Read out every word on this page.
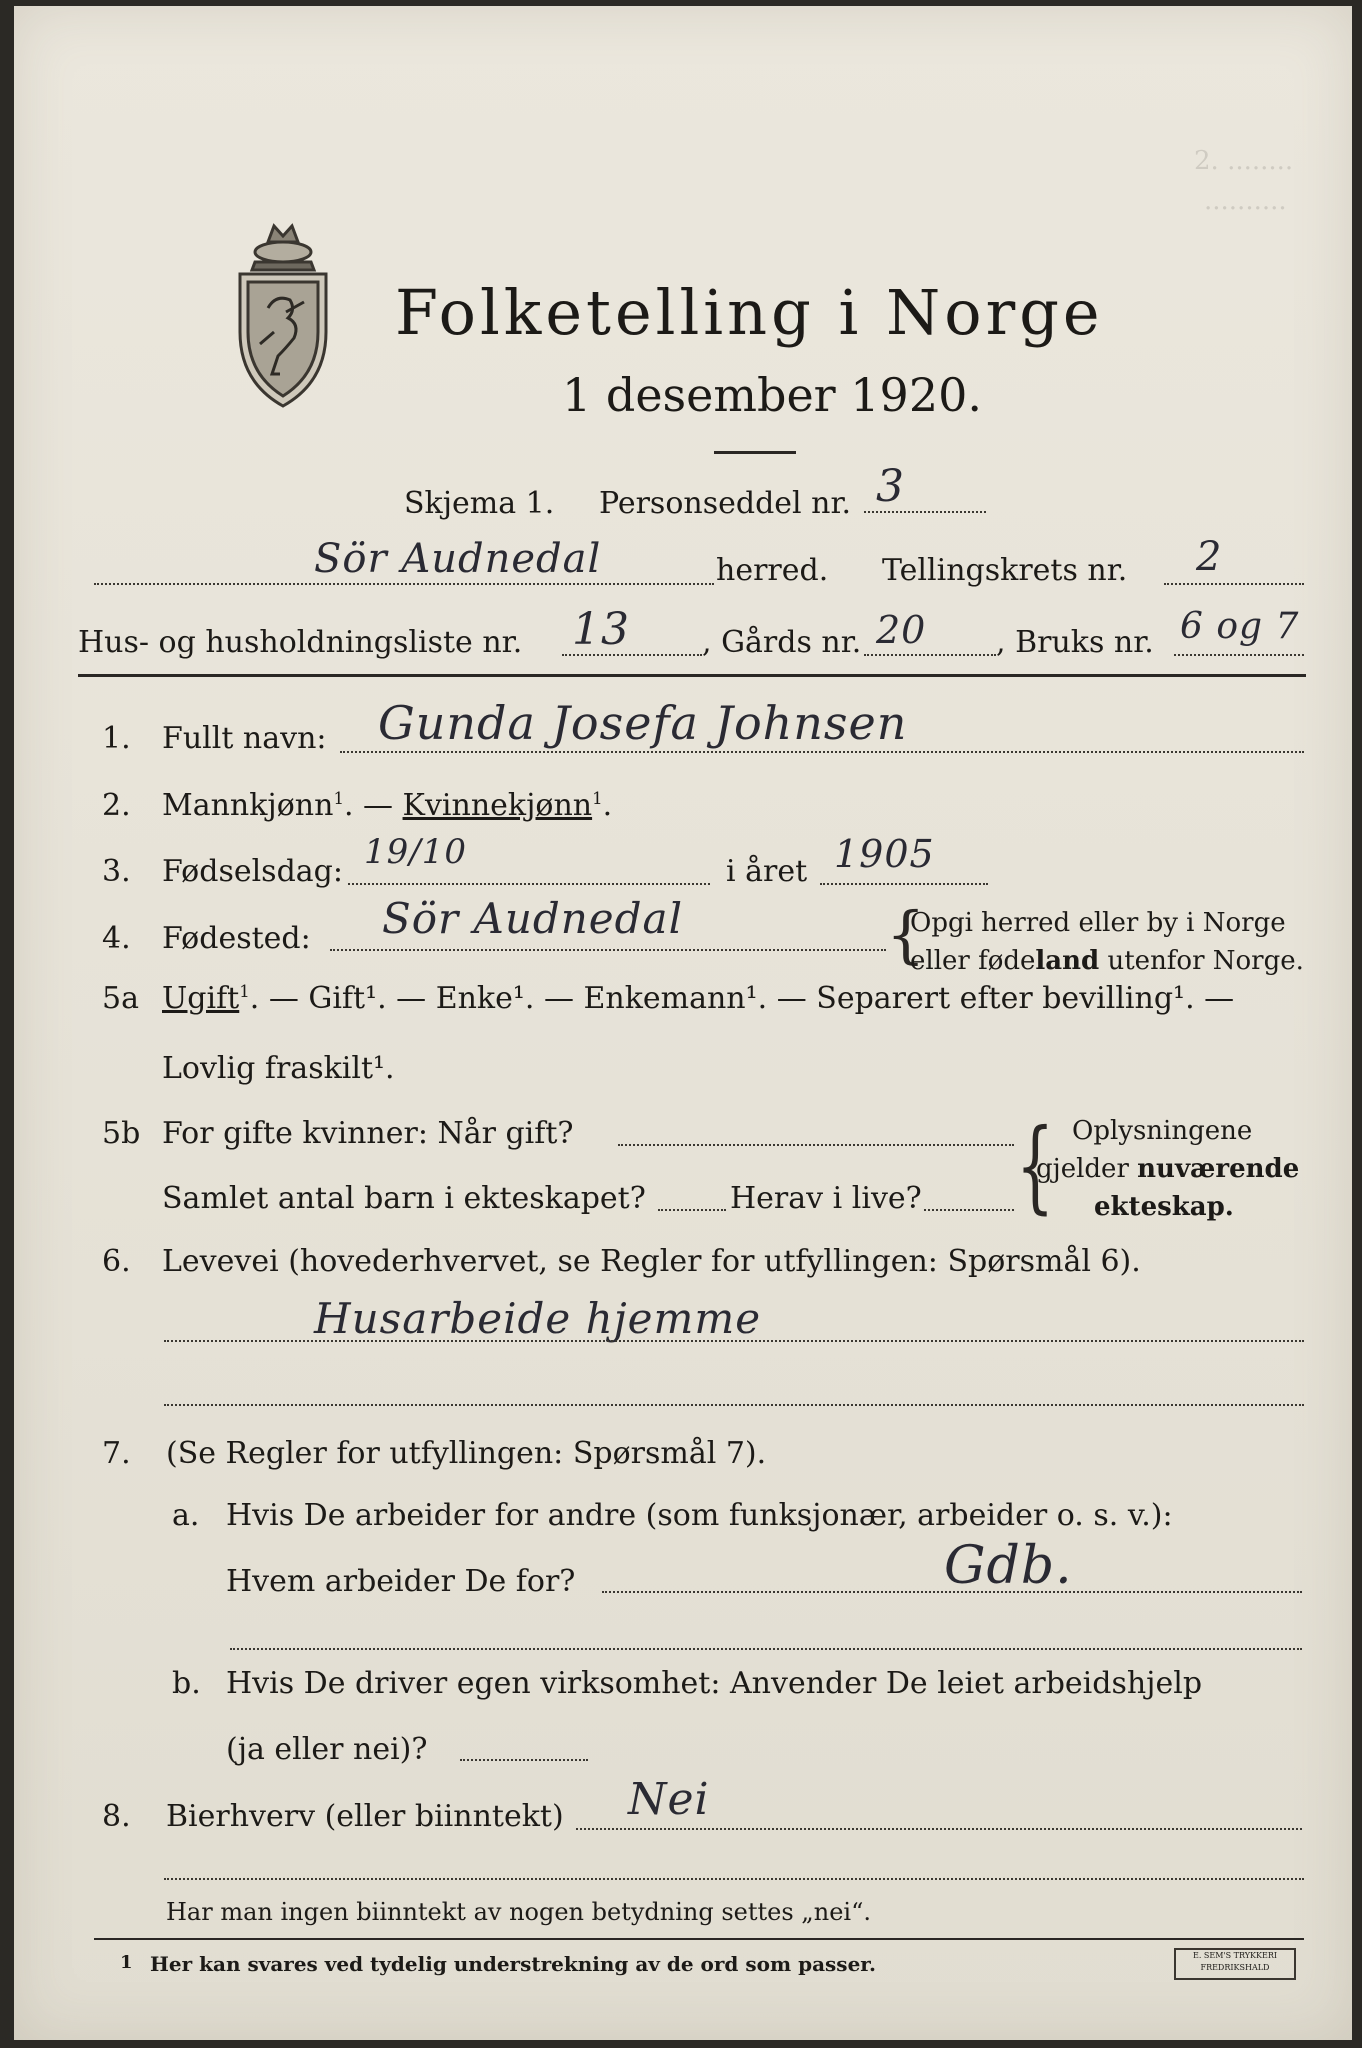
2. ........
..........
Folketelling i Norge
1 desember 1920.
Skjema 1. Personseddel nr. 3
Sör Audnedal	herred. Tellingskrets nr. 2
Hus- og husholdningsliste nr. 13 , Gårds nr. 20 , Bruks nr. 6 og 7
1. Fullt navn: Gunda Josefa Johnsen
2. Mannkjønn$^1$. — Kvinnekjønn$^1$.
3. Fødselsdag: 19/10	i året 1905
4. Fødested: Sör Audnedal	{
Opgi herred eller by i Norge
eller fødeland utenfor Norge.
5a Ugift$^1$. — Gift¹. — Enke¹. — Enkemann¹. — Separert efter bevilling¹. —
Lovlig fraskilt¹.
5b For gifte kvinner: Når gift?
Samlet antal barn i ekteskapet?	Herav i live? { Oplysningene
gjelder nuværende
ekteskap.
6. Levevei (hovederhvervet, se Regler for utfyllingen: Spørsmål 6).
Husarbeide hjemme
7. (Se Regler for utfyllingen: Spørsmål 7).
a. Hvis De arbeider for andre (som funksjonær, arbeider o. s. v.):
Hvem arbeider De for?	Gdb.
b. Hvis De driver egen virksomhet: Anvender De leiet arbeidshjelp
(ja eller nei)?
8. Bierhverv (eller biinntekt) Nei
Har man ingen biinntekt av nogen betydning settes „nei“.
1 Her kan svares ved tydelig understrekning av de ord som passer.	E. SEM'S TRYKKERI
FREDRIKSHALD
